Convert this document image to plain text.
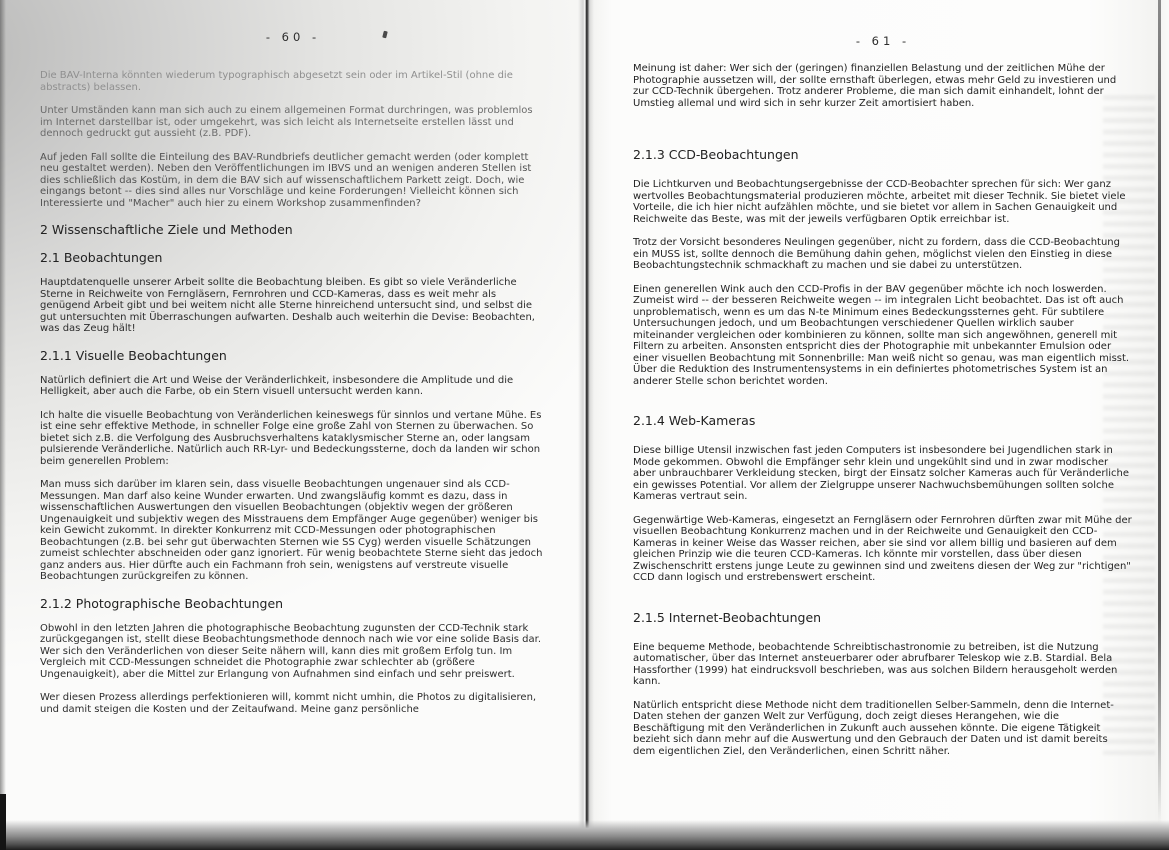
- 60 -

Die BAV-Interna könnten wiederum typographisch abgesetzt sein oder im Artikel-Stil (ohne die abstracts) belassen.

Unter Umständen kann man sich auch zu einem allgemeinen Format durchringen, was problemlos im Internet darstellbar ist, oder umgekehrt, was sich leicht als Internetseite erstellen lässt und dennoch gedruckt gut aussieht (z.B. PDF).

Auf jeden Fall sollte die Einteilung des BAV-Rundbriefs deutlicher gemacht werden (oder komplett neu gestaltet werden). Neben den Veröffentlichungen im IBVS und an wenigen anderen Stellen ist dies schließlich das Kostüm, in dem die BAV sich auf wissenschaftlichem Parkett zeigt. Doch, wie eingangs betont -- dies sind alles nur Vorschläge und keine Forderungen! Vielleicht können sich Interessierte und "Macher" auch hier zu einem Workshop zusammenfinden?

2 Wissenschaftliche Ziele und Methoden
2.1 Beobachtungen

Hauptdatenquelle unserer Arbeit sollte die Beobachtung bleiben. Es gibt so viele Veränderliche Sterne in Reichweite von Ferngläsern, Fernrohren und CCD-Kameras, dass es weit mehr als genügend Arbeit gibt und bei weitem nicht alle Sterne hinreichend untersucht sind, und selbst die gut untersuchten mit Überraschungen aufwarten. Deshalb auch weiterhin die Devise: Beobachten, was das Zeug hält!

2.1.1 Visuelle Beobachtungen

Natürlich definiert die Art und Weise der Veränderlichkeit, insbesondere die Amplitude und die Helligkeit, aber auch die Farbe, ob ein Stern visuell untersucht werden kann.

Ich halte die visuelle Beobachtung von Veränderlichen keineswegs für sinnlos und vertane Mühe. Es ist eine sehr effektive Methode, in schneller Folge eine große Zahl von Sternen zu überwachen. So bietet sich z.B. die Verfolgung des Ausbruchsverhaltens kataklysmischer Sterne an, oder langsam pulsierende Veränderliche. Natürlich auch RR-Lyr- und Bedeckungssterne, doch da landen wir schon beim generellen Problem:

Man muss sich darüber im klaren sein, dass visuelle Beobachtungen ungenauer sind als CCD-Messungen. Man darf also keine Wunder erwarten. Und zwangsläufig kommt es dazu, dass in wissenschaftlichen Auswertungen den visuellen Beobachtungen (objektiv wegen der größeren Ungenauigkeit und subjektiv wegen des Misstrauens dem Empfänger Auge gegenüber) weniger bis kein Gewicht zukommt. In direkter Konkurrenz mit CCD-Messungen oder photographischen Beobachtungen (z.B. bei sehr gut überwachten Sternen wie SS Cyg) werden visuelle Schätzungen zumeist schlechter abschneiden oder ganz ignoriert. Für wenig beobachtete Sterne sieht das jedoch ganz anders aus. Hier dürfte auch ein Fachmann froh sein, wenigstens auf verstreute visuelle Beobachtungen zurückgreifen zu können.

2.1.2 Photographische Beobachtungen

Obwohl in den letzten Jahren die photographische Beobachtung zugunsten der CCD-Technik stark zurückgegangen ist, stellt diese Beobachtungsmethode dennoch nach wie vor eine solide Basis dar. Wer sich den Veränderlichen von dieser Seite nähern will, kann dies mit großem Erfolg tun. Im Vergleich mit CCD-Messungen schneidet die Photographie zwar schlechter ab (größere Ungenauigkeit), aber die Mittel zur Erlangung von Aufnahmen sind einfach und sehr preiswert.

Wer diesen Prozess allerdings perfektionieren will, kommt nicht umhin, die Photos zu digitalisieren, und damit steigen die Kosten und der Zeitaufwand. Meine ganz persönliche

- 61 -

Meinung ist daher: Wer sich der (geringen) finanziellen Belastung und der zeitlichen Mühe der Photographie aussetzen will, der sollte ernsthaft überlegen, etwas mehr Geld zu investieren und zur CCD-Technik übergehen. Trotz anderer Probleme, die man sich damit einhandelt, lohnt der Umstieg allemal und wird sich in sehr kurzer Zeit amortisiert haben.

2.1.3 CCD-Beobachtungen

Die Lichtkurven und Beobachtungsergebnisse der CCD-Beobachter sprechen für sich: Wer ganz wertvolles Beobachtungsmaterial produzieren möchte, arbeitet mit dieser Technik. Sie bietet viele Vorteile, die ich hier nicht aufzählen möchte, und sie bietet vor allem in Sachen Genauigkeit und Reichweite das Beste, was mit der jeweils verfügbaren Optik erreichbar ist.

Trotz der Vorsicht besonderes Neulingen gegenüber, nicht zu fordern, dass die CCD-Beobachtung ein MUSS ist, sollte dennoch die Bemühung dahin gehen, möglichst vielen den Einstieg in diese Beobachtungstechnik schmackhaft zu machen und sie dabei zu unterstützen.

Einen generellen Wink auch den CCD-Profis in der BAV gegenüber möchte ich noch loswerden. Zumeist wird -- der besseren Reichweite wegen -- im integralen Licht beobachtet. Das ist oft auch unproblematisch, wenn es um das N-te Minimum eines Bedeckungssternes geht. Für subtilere Untersuchungen jedoch, und um Beobachtungen verschiedener Quellen wirklich sauber miteinander vergleichen oder kombinieren zu können, sollte man sich angewöhnen, generell mit Filtern zu arbeiten. Ansonsten entspricht dies der Photographie mit unbekannter Emulsion oder einer visuellen Beobachtung mit Sonnenbrille: Man weiß nicht so genau, was man eigentlich misst. Über die Reduktion des Instrumentensystems in ein definiertes photometrisches System ist an anderer Stelle schon berichtet worden.

2.1.4 Web-Kameras

Diese billige Utensil inzwischen fast jeden Computers ist insbesondere bei Jugendlichen stark in Mode gekommen. Obwohl die Empfänger sehr klein und ungekühlt sind und in zwar modischer aber unbrauchbarer Verkleidung stecken, birgt der Einsatz solcher Kameras auch für Veränderliche ein gewisses Potential. Vor allem der Zielgruppe unserer Nachwuchsbemühungen sollten solche Kameras vertraut sein.

Gegenwärtige Web-Kameras, eingesetzt an Ferngläsern oder Fernrohren dürften zwar mit Mühe der visuellen Beobachtung Konkurrenz machen und in der Reichweite und Genauigkeit den CCD-Kameras in keiner Weise das Wasser reichen, aber sie sind vor allem billig und basieren auf dem gleichen Prinzip wie die teuren CCD-Kameras. Ich könnte mir vorstellen, dass über diesen Zwischenschritt erstens junge Leute zu gewinnen sind und zweitens diesen der Weg zur "richtigen" CCD dann logisch und erstrebenswert erscheint.

2.1.5 Internet-Beobachtungen

Eine bequeme Methode, beobachtende Schreibtischastronomie zu betreiben, ist die Nutzung automatischer, über das Internet ansteuerbarer oder abrufbarer Teleskop wie z.B. Stardial. Bela Hassforther (1999) hat eindrucksvoll beschrieben, was aus solchen Bildern herausgeholt werden kann.

Natürlich entspricht diese Methode nicht dem traditionellen Selber-Sammeln, denn die Internet-Daten stehen der ganzen Welt zur Verfügung, doch zeigt dieses Herangehen, wie die Beschäftigung mit den Veränderlichen in Zukunft auch aussehen könnte. Die eigene Tätigkeit bezieht sich dann mehr auf die Auswertung und den Gebrauch der Daten und ist damit bereits dem eigentlichen Ziel, den Veränderlichen, einen Schritt näher.
